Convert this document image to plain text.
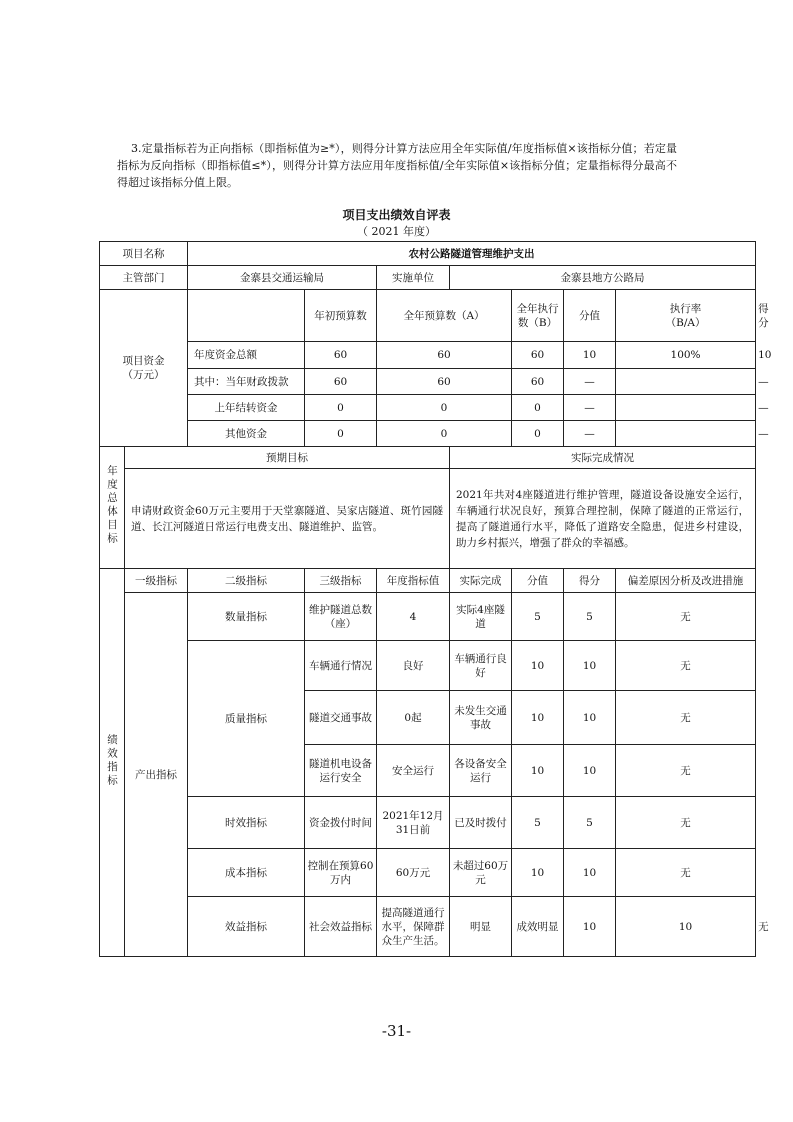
3.定量指标若为正向指标（即指标值为≥*），则得分计算方法应用全年实际值/年度指标值×该指标分值；若定量指标为反向指标（即指标值≤*），则得分计算方法应用年度指标值/全年实际值×该指标分值；定量指标得分最高不得超过该指标分值上限。
项目支出绩效自评表
（ 2021 年度）
项目名称		农村公路隧道管理维护支出							
主管部门		金寨县交通运输局		实施单位	金寨县地方公路局				
项目资金（万元）			年初预算数	全年预算数（A）		全年执行数（B）	分值	执行率（B/A）	得分
		年度资金总额	60	60		60	10	100%	10
		其中：当年财政拨款	60	60		60	—		—
		上年结转资金	0	0		0	—		—
		其他资金	0	0		0	—		—
年度总体目标	预期目标				实际完成情况				
	申请财政资金60万元主要用于天堂寨隧道、吴家店隧道、斑竹园隧道、长江河隧道日常运行电费支出、隧道维护、监管。				2021年共对4座隧道进行维护管理，隧道设备设施安全运行，车辆通行状况良好，预算合理控制，保障了隧道的正常运行，提高了隧道通行水平，降低了道路安全隐患，促进乡村建设，助力乡村振兴，增强了群众的幸福感。				
绩效指标	一级指标	二级指标	三级指标	年度指标值	实际完成	分值	得分	偏差原因分析及改进措施	
	产出指标	数量指标	维护隧道总数（座）	4	实际4座隧道	5	5	无	
		质量指标	车辆通行情况	良好	车辆通行良好	10	10	无	
			隧道交通事故	0起	未发生交通事故	10	10	无	
			隧道机电设备运行安全	安全运行	各设备安全运行	10	10	无	
		时效指标	资金拨付时间	2021年12月31日前	已及时拨付	5	5	无	
		成本指标	控制在预算60万内	60万元	未超过60万元	10	10	无	
		效益指标	社会效益指标	提高隧道通行水平，保障群众生产生活。	明显	成效明显	10	10	无
-31-
